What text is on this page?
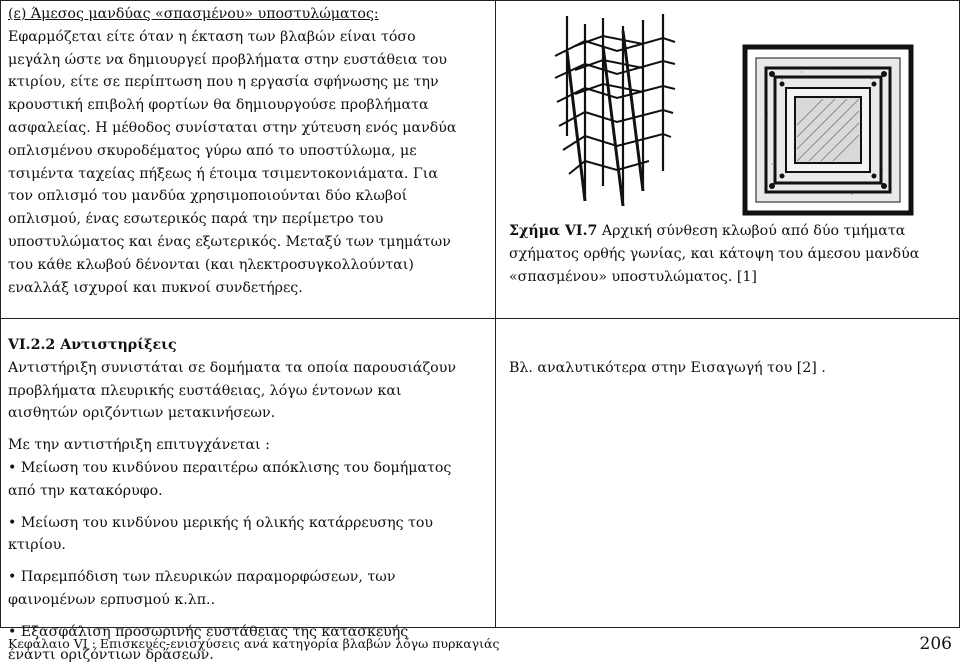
(ε) Άμεσος μανδύας «σπασμένου» υποστυλώματος:

Εφαρμόζεται είτε όταν η έκταση των βλαβών είναι τόσο

μεγάλη ώστε να δημιουργεί προβλήματα στην ευστάθεια του

κτιρίου, είτε σε περίπτωση που η εργασία σφήνωσης με την

κρουστική επιβολή φορτίων θα δημιουργούσε προβλήματα

ασφαλείας. Η μέθοδος συνίσταται στην χύτευση ενός μανδύα

οπλισμένου σκυροδέματος γύρω από το υποστύλωμα, με

τσιμέντα ταχείας πήξεως ή έτοιμα τσιμεντοκονιάματα. Για

τον οπλισμό του μανδύα χρησιμοποιούνται δύο κλωβοί

οπλισμού, ένας εσωτερικός παρά την περίμετρο του

υποστυλώματος και ένας εξωτερικός. Μεταξύ των τμημάτων

του κάθε κλωβού δένονται (και ηλεκτροσυγκολλούνται)

εναλλάξ ισχυροί και πυκνοί συνδετήρες.

Σχήμα VI.7 Αρχική σύνθεση κλωβού από δύο τμήματα

σχήματος ορθής γωνίας, και κάτοψη του άμεσου μανδύα

«σπασμένου» υποστυλώματος. [1]

VI.2.2 Αντιστηρίξεις

Αντιστήριξη συνιστάται σε δομήματα τα οποία παρουσιάζουν

προβλήματα πλευρικής ευστάθειας, λόγω έντονων και

αισθητών οριζόντιων μετακινήσεων.

Με την αντιστήριξη επιτυγχάνεται :

• Μείωση του κινδύνου περαιτέρω απόκλισης του δομήματος

από την κατακόρυφο.

• Μείωση του κινδύνου μερικής ή ολικής κατάρρευσης του

κτιρίου.

• Παρεμπόδιση των πλευρικών παραμορφώσεων, των

φαινομένων ερπυσμού κ.λπ..

• Εξασφάλιση προσωρινής ευστάθειας της κατασκευής

έναντι οριζόντιων δράσεων.

Βλ. αναλυτικότερα στην Εισαγωγή του [2] .

Κεφάλαιο VI : Επισκευές-ενισχύσεις ανά κατηγορία βλαβών λόγω πυρκαγιάς	206
